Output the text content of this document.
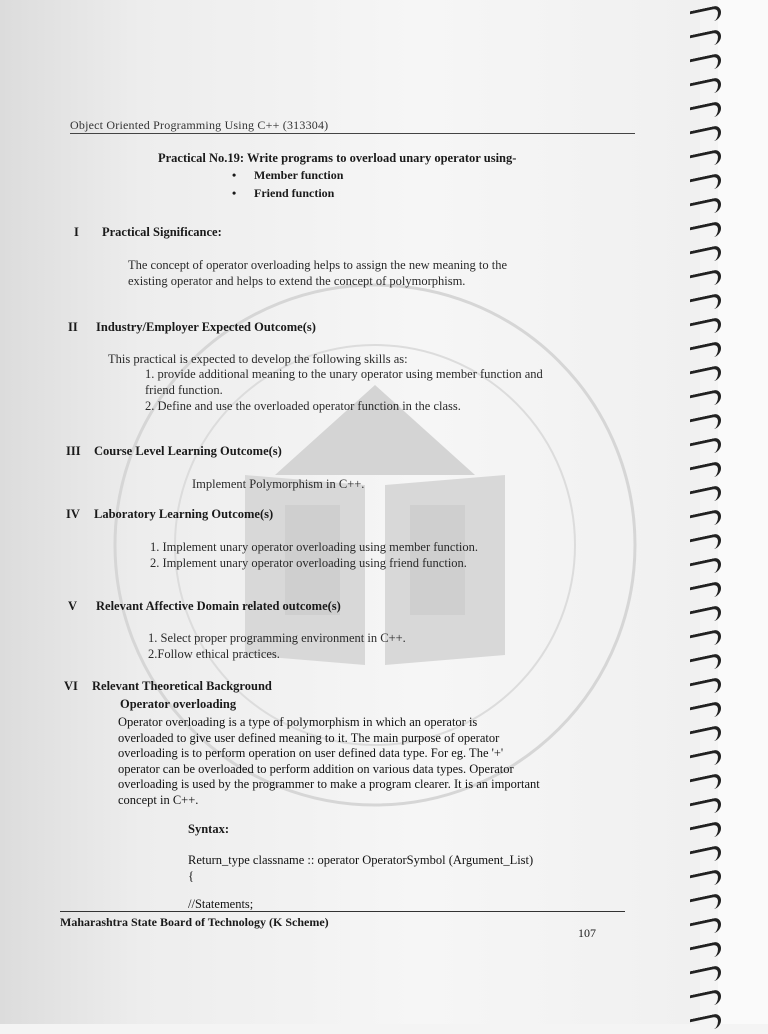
Object Oriented Programming Using C++ (313304)
Practical No.19: Write programs to overload unary operator using-
• Member function
• Friend function
I Practical Significance:
The concept of operator overloading helps to assign the new meaning to the
existing operator and helps to extend the concept of polymorphism.
II Industry/Employer Expected Outcome(s)
This practical is expected to develop the following skills as:
1. provide additional meaning to the unary operator using member function and
friend function.
2. Define and use the overloaded operator function in the class.
III Course Level Learning Outcome(s)
Implement Polymorphism in C++.
IV Laboratory Learning Outcome(s)
1. Implement unary operator overloading using member function.
2. Implement unary operator overloading using friend function.
V Relevant Affective Domain related outcome(s)
1. Select proper programming environment in C++.
2.Follow ethical practices.
VI Relevant Theoretical Background
Operator overloading
Operator overloading is a type of polymorphism in which an operator is
overloaded to give user defined meaning to it. The main purpose of operator
overloading is to perform operation on user defined data type. For eg. The '+'
operator can be overloaded to perform addition on various data types. Operator
overloading is used by the programmer to make a program clearer. It is an important
concept in C++.
Syntax:
Return_type classname :: operator OperatorSymbol (Argument_List)
{
//Statements;
Maharashtra State Board of Technology (K Scheme)
107
